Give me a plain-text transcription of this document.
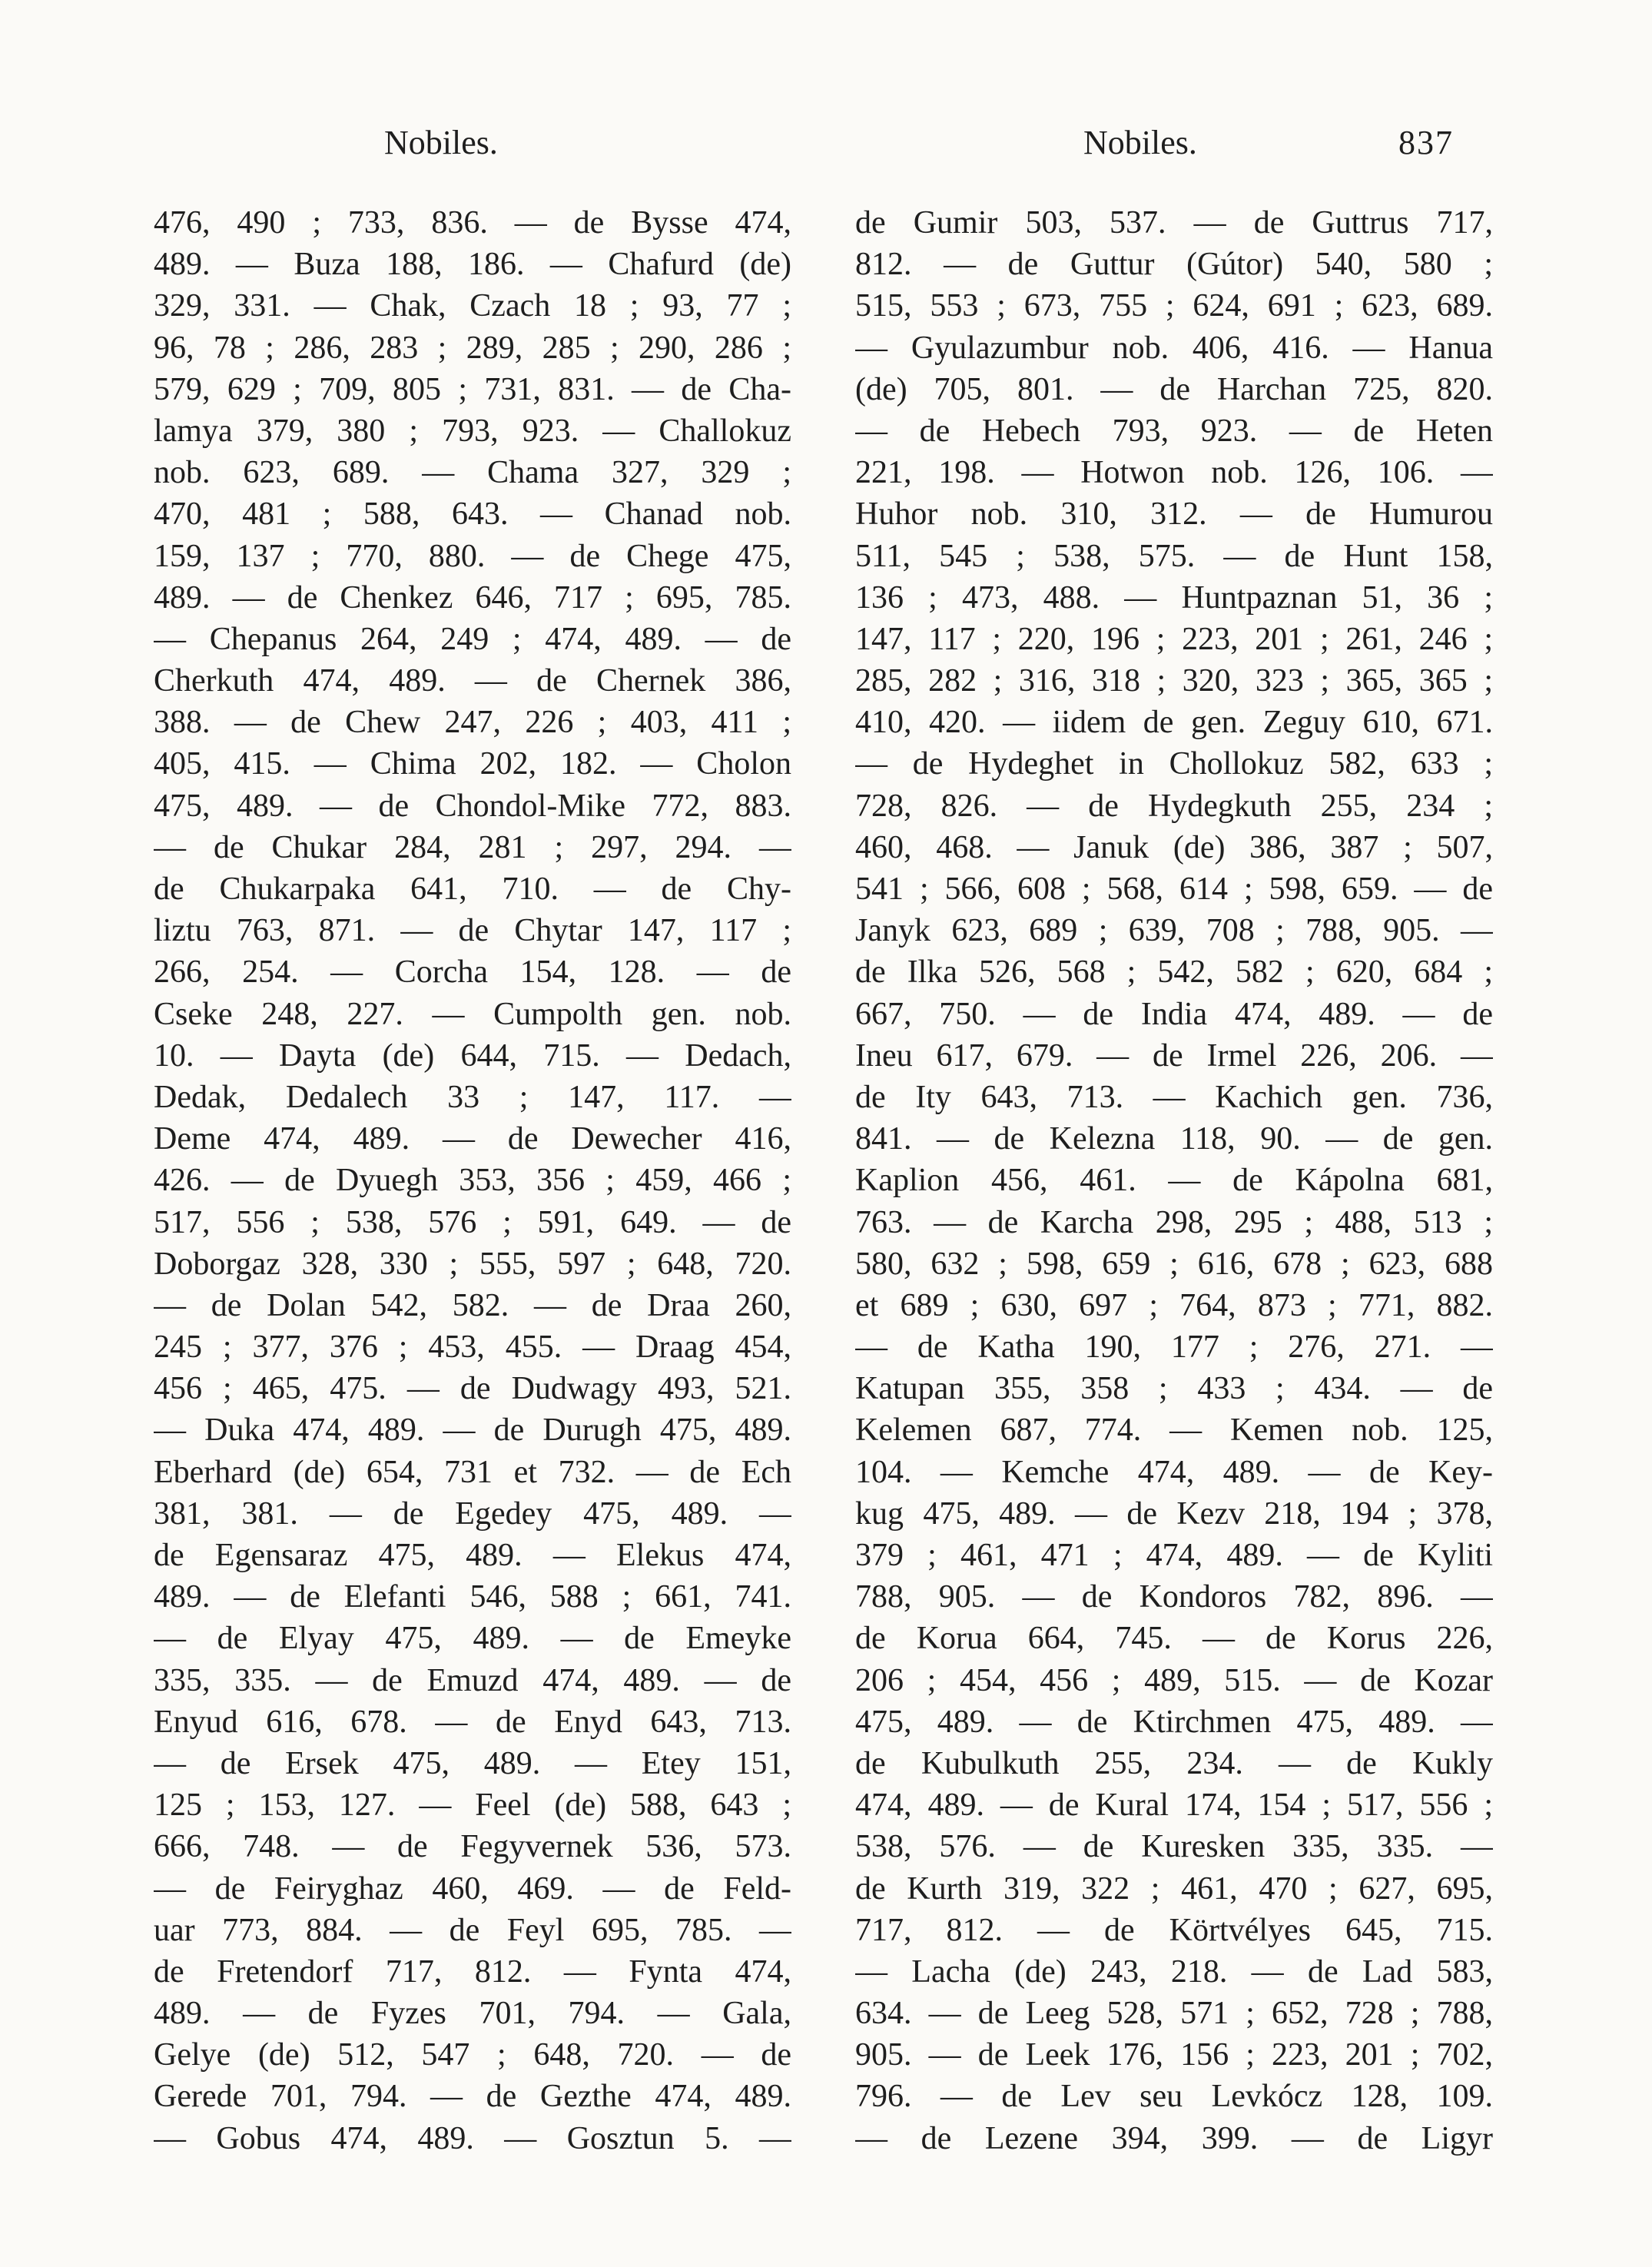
Nobiles.	Nobiles.	837
476, 490 ; 733, 836. — de Bysse 474,
489. — Buza 188, 186. — Chafurd (de)
329, 331. — Chak, Czach 18 ; 93, 77 ;
96, 78 ; 286, 283 ; 289, 285 ; 290, 286 ;
579, 629 ; 709, 805 ; 731, 831. — de Cha-
lamya 379, 380 ; 793, 923. — Challokuz
nob. 623, 689. — Chama 327, 329 ;
470, 481 ; 588, 643. — Chanad nob.
159, 137 ; 770, 880. — de Chege 475,
489. — de Chenkez 646, 717 ; 695, 785.
— Chepanus 264, 249 ; 474, 489. — de
Cherkuth 474, 489. — de Chernek 386,
388. — de Chew 247, 226 ; 403, 411 ;
405, 415. — Chima 202, 182. — Cholon
475, 489. — de Chondol-Mike 772, 883.
— de Chukar 284, 281 ; 297, 294. —
de Chukarpaka 641, 710. — de Chy-
liztu 763, 871. — de Chytar 147, 117 ;
266, 254. — Corcha 154, 128. — de
Cseke 248, 227. — Cumpolth gen. nob.
10. — Dayta (de) 644, 715. — Dedach,
Dedak, Dedalech 33 ; 147, 117. —
Deme 474, 489. — de Dewecher 416,
426. — de Dyuegh 353, 356 ; 459, 466 ;
517, 556 ; 538, 576 ; 591, 649. — de
Doborgaz 328, 330 ; 555, 597 ; 648, 720.
— de Dolan 542, 582. — de Draa 260,
245 ; 377, 376 ; 453, 455. — Draag 454,
456 ; 465, 475. — de Dudwagy 493, 521.
— Duka 474, 489. — de Durugh 475, 489.
Eberhard (de) 654, 731 et 732. — de Ech
381, 381. — de Egedey 475, 489. —
de Egensaraz 475, 489. — Elekus 474,
489. — de Elefanti 546, 588 ; 661, 741.
— de Elyay 475, 489. — de Emeyke
335, 335. — de Emuzd 474, 489. — de
Enyud 616, 678. — de Enyd 643, 713.
— de Ersek 475, 489. — Etey 151,
125 ; 153, 127. — Feel (de) 588, 643 ;
666, 748. — de Fegyvernek 536, 573.
— de Feiryghaz 460, 469. — de Feld-
uar 773, 884. — de Feyl 695, 785. —
de Fretendorf 717, 812. — Fynta 474,
489. — de Fyzes 701, 794. — Gala,
Gelye (de) 512, 547 ; 648, 720. — de
Gerede 701, 794. — de Gezthe 474, 489.
— Gobus 474, 489. — Gosztun 5. —
de Gumir 503, 537. — de Guttrus 717,
812. — de Guttur (Gútor) 540, 580 ;
515, 553 ; 673, 755 ; 624, 691 ; 623, 689.
— Gyulazumbur nob. 406, 416. — Hanua
(de) 705, 801. — de Harchan 725, 820.
— de Hebech 793, 923. — de Heten
221, 198. — Hotwon nob. 126, 106. —
Huhor nob. 310, 312. — de Humurou
511, 545 ; 538, 575. — de Hunt 158,
136 ; 473, 488. — Huntpaznan 51, 36 ;
147, 117 ; 220, 196 ; 223, 201 ; 261, 246 ;
285, 282 ; 316, 318 ; 320, 323 ; 365, 365 ;
410, 420. — iidem de gen. Zeguy 610, 671.
— de Hydeghet in Chollokuz 582, 633 ;
728, 826. — de Hydegkuth 255, 234 ;
460, 468. — Januk (de) 386, 387 ; 507,
541 ; 566, 608 ; 568, 614 ; 598, 659. — de
Janyk 623, 689 ; 639, 708 ; 788, 905. —
de Ilka 526, 568 ; 542, 582 ; 620, 684 ;
667, 750. — de India 474, 489. — de
Ineu 617, 679. — de Irmel 226, 206. —
de Ity 643, 713. — Kachich gen. 736,
841. — de Kelezna 118, 90. — de gen.
Kaplion 456, 461. — de Kápolna 681,
763. — de Karcha 298, 295 ; 488, 513 ;
580, 632 ; 598, 659 ; 616, 678 ; 623, 688
et 689 ; 630, 697 ; 764, 873 ; 771, 882.
— de Katha 190, 177 ; 276, 271. —
Katupan 355, 358 ; 433 ; 434. — de
Kelemen 687, 774. — Kemen nob. 125,
104. — Kemche 474, 489. — de Key-
kug 475, 489. — de Kezv 218, 194 ; 378,
379 ; 461, 471 ; 474, 489. — de Kyliti
788, 905. — de Kondoros 782, 896. —
de Korua 664, 745. — de Korus 226,
206 ; 454, 456 ; 489, 515. — de Kozar
475, 489. — de Ktirchmen 475, 489. —
de Kubulkuth 255, 234. — de Kukly
474, 489. — de Kural 174, 154 ; 517, 556 ;
538, 576. — de Kuresken 335, 335. —
de Kurth 319, 322 ; 461, 470 ; 627, 695,
717, 812. — de Körtvélyes 645, 715.
— Lacha (de) 243, 218. — de Lad 583,
634. — de Leeg 528, 571 ; 652, 728 ; 788,
905. — de Leek 176, 156 ; 223, 201 ; 702,
796. — de Lev seu Levkócz 128, 109.
— de Lezene 394, 399. — de Ligyr
